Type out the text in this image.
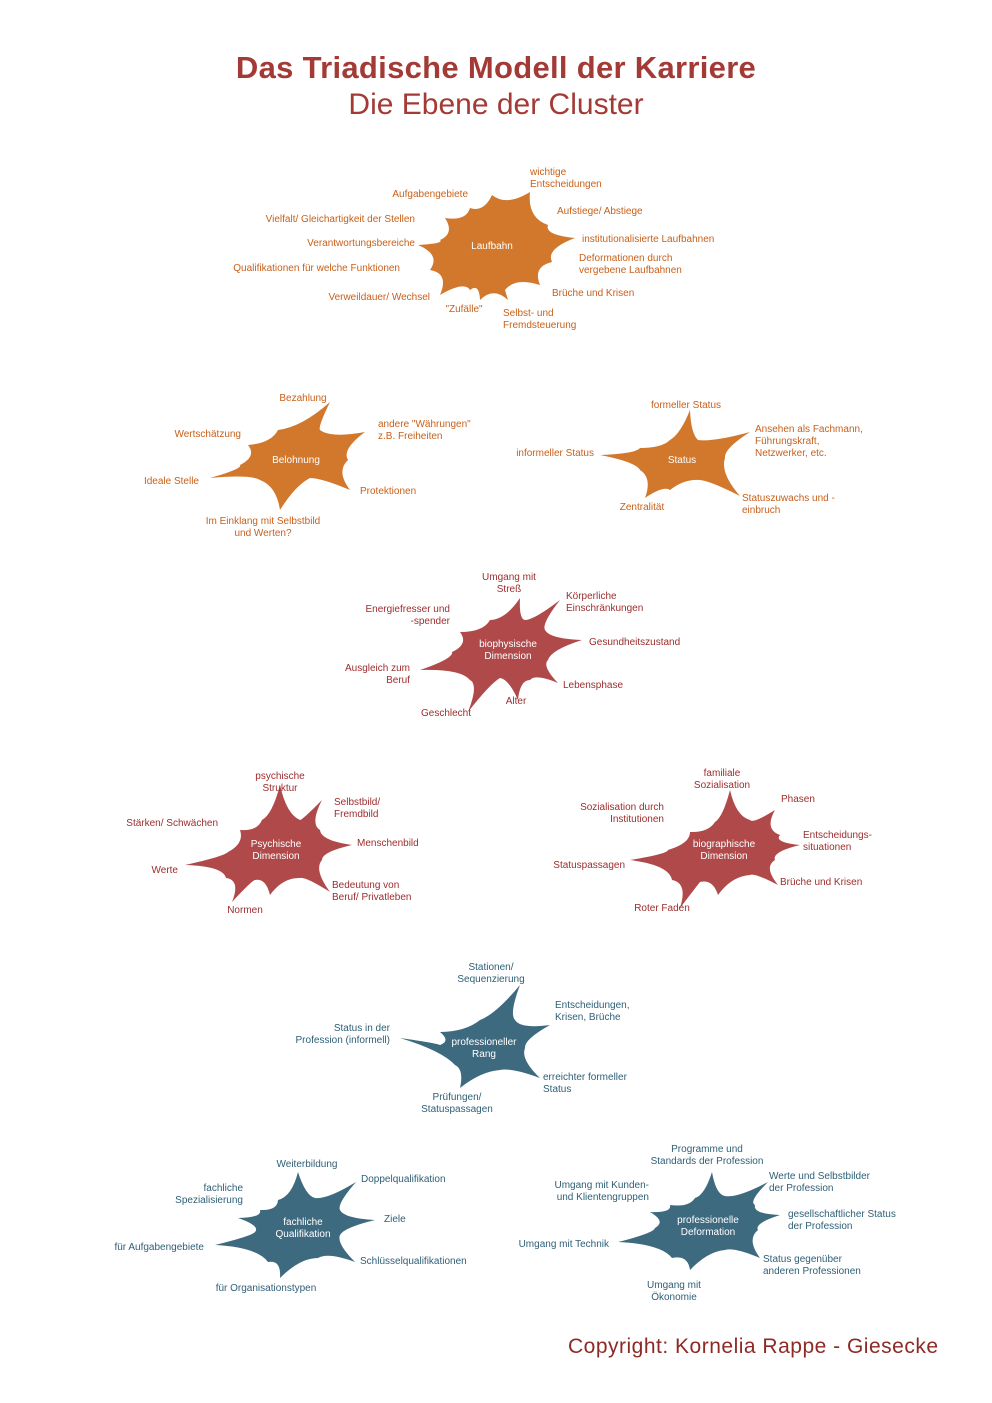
Das Triadische Modell der Karriere
Die Ebene der Cluster
Laufbahn
wichtige Entscheidungen
Aufgabengebiete
Vielfalt/ Gleichartigkeit der Stellen
Aufstiege/ Abstiege
Verantwortungsbereiche	institutionalisierte Laufbahnen
Qualifikationen für welche Funktionen
Deformationen durch vergebene Laufbahnen
Verweildauer/ Wechsel	Brüche und Krisen
"Zufälle" Selbst- und Fremdsteuerung
Belohnung
Bezahlung
Wertschätzung
andere "Währungen" z.B. Freiheiten
Ideale Stelle
Protektionen
Im Einklang mit Selbstbild und Werten?
Status
formeller Status
Ansehen als Fachmann, Führungskraft, Netzwerker, etc.
informeller Status
Statuszuwachs und -einbruch
Zentralität
biophysische Dimension
Umgang mit Streß
Körperliche Einschränkungen
Energiefresser und -spender
Gesundheitszustand
Ausgleich zum Beruf	Lebensphase
Alter
Geschlecht
Psychische Dimension
psychische Struktur
Selbstbild/ Fremdbild
Stärken/ Schwächen
Menschenbild
Werte
Bedeutung von Beruf/ Privatleben
Normen
biographische Dimension
familiale Sozialisation
Phasen
Sozialisation durch Institutionen
Entscheidungs-situationen
Statuspassagen
Brüche und Krisen
Roter Faden
professioneller Rang
Stationen/ Sequenzierung
Entscheidungen, Krisen, Brüche
Status in der Profession (informell)
erreichter formeller Status
Prüfungen/ Statuspassagen
fachliche Qualifikation
Weiterbildung
Doppelqualifikation
fachliche Spezialisierung
Ziele
für Aufgabengebiete
Schlüsselqualifikationen
für Organisationstypen
professionelle Deformation
Programme und Standards der Profession
Werte und Selbstbilder der Profession
Umgang mit Kunden-und Klientengruppen
gesellschaftlicher Status der Profession
Umgang mit Technik
Status gegenüber anderen Professionen
Umgang mit Ökonomie
Copyright: Kornelia Rappe - Giesecke
